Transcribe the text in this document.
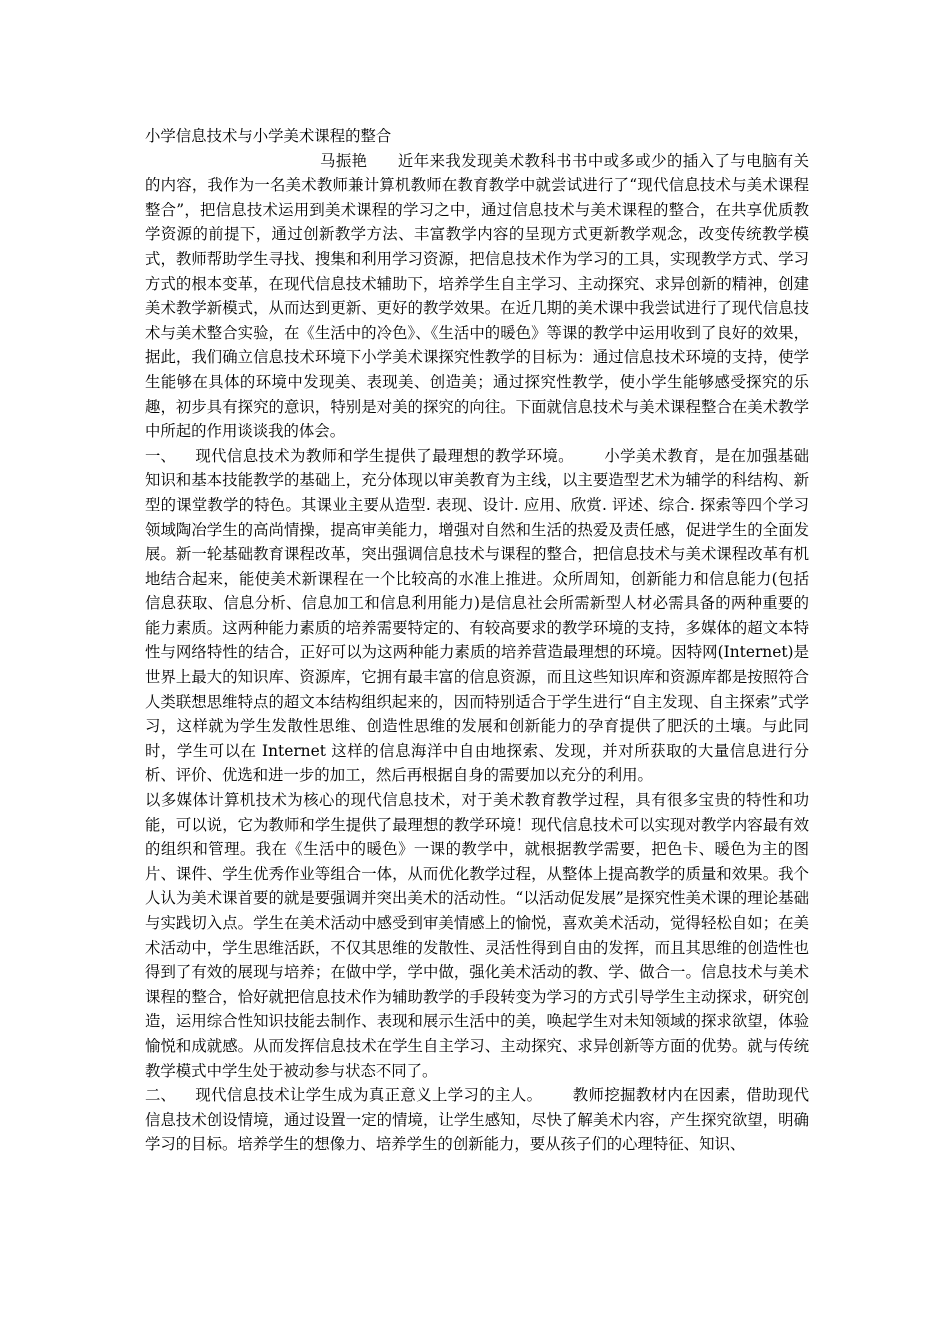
小学信息技术与小学美术课程的整合

马振艳 近年来我发现美术教科书书中或多或少的插入了与电脑有关的内容，我作为一名美术教师兼计算机教师在教育教学中就尝试进行了“现代信息技术与美术课程整合”，把信息技术运用到美术课程的学习之中，通过信息技术与美术课程的整合，在共享优质教学资源的前提下，通过创新教学方法、丰富教学内容的呈现方式更新教学观念，改变传统教学模式，教师帮助学生寻找、搜集和利用学习资源，把信息技术作为学习的工具，实现教学方式、学习方式的根本变革，在现代信息技术辅助下，培养学生自主学习、主动探究、求异创新的精神，创建美术教学新模式，从而达到更新、更好的教学效果。在近几期的美术课中我尝试进行了现代信息技术与美术整合实验，在《生活中的冷色》、《生活中的暖色》等课的教学中运用收到了良好的效果，据此，我们确立信息技术环境下小学美术课探究性教学的目标为：通过信息技术环境的支持，使学生能够在具体的环境中发现美、表现美、创造美；通过探究性教学，使小学生能够感受探究的乐趣，初步具有探究的意识，特别是对美的探究的向往。下面就信息技术与美术课程整合在美术教学中所起的作用谈谈我的体会。

一、 现代信息技术为教师和学生提供了最理想的教学环境。 小学美术教育，是在加强基础知识和基本技能教学的基础上，充分体现以审美教育为主线，以主要造型艺术为辅学的科结构、新型的课堂教学的特色。其课业主要从造型. 表现、设计. 应用、欣赏. 评述、综合. 探索等四个学习领域陶冶学生的高尚情操，提高审美能力，增强对自然和生活的热爱及责任感，促进学生的全面发展。新一轮基础教育课程改革，突出强调信息技术与课程的整合，把信息技术与美术课程改革有机地结合起来，能使美术新课程在一个比较高的水准上推进。众所周知，创新能力和信息能力(包括信息获取、信息分析、信息加工和信息利用能力)是信息社会所需新型人材必需具备的两种重要的能力素质。这两种能力素质的培养需要特定的、有较高要求的教学环境的支持，多媒体的超文本特性与网络特性的结合，正好可以为这两种能力素质的培养营造最理想的环境。因特网(Internet)是世界上最大的知识库、资源库，它拥有最丰富的信息资源，而且这些知识库和资源库都是按照符合人类联想思维特点的超文本结构组织起来的，因而特别适合于学生进行“自主发现、自主探索”式学习，这样就为学生发散性思维、创造性思维的发展和创新能力的孕育提供了肥沃的土壤。与此同时，学生可以在 Internet 这样的信息海洋中自由地探索、发现，并对所获取的大量信息进行分析、评价、优选和进一步的加工，然后再根据自身的需要加以充分的利用。

以多媒体计算机技术为核心的现代信息技术，对于美术教育教学过程，具有很多宝贵的特性和功能，可以说，它为教师和学生提供了最理想的教学环境！现代信息技术可以实现对教学内容最有效的组织和管理。我在《生活中的暖色》一课的教学中，就根据教学需要，把色卡、暖色为主的图片、课件、学生优秀作业等组合一体，从而优化教学过程，从整体上提高教学的质量和效果。我个人认为美术课首要的就是要强调并突出美术的活动性。“以活动促发展”是探究性美术课的理论基础与实践切入点。学生在美术活动中感受到审美情感上的愉悦，喜欢美术活动，觉得轻松自如；在美术活动中，学生思维活跃，不仅其思维的发散性、灵活性得到自由的发挥，而且其思维的创造性也得到了有效的展现与培养；在做中学，学中做，强化美术活动的教、学、做合一。信息技术与美术课程的整合，恰好就把信息技术作为辅助教学的手段转变为学习的方式引导学生主动探求，研究创造，运用综合性知识技能去制作、表现和展示生活中的美，唤起学生对未知领域的探求欲望，体验愉悦和成就感。从而发挥信息技术在学生自主学习、主动探究、求异创新等方面的优势。就与传统教学模式中学生处于被动参与状态不同了。

二、 现代信息技术让学生成为真正意义上学习的主人。 教师挖掘教材内在因素，借助现代信息技术创设情境，通过设置一定的情境，让学生感知，尽快了解美术内容，产生探究欲望，明确学习的目标。培养学生的想像力、培养学生的创新能力，要从孩子们的心理特征、知识、
